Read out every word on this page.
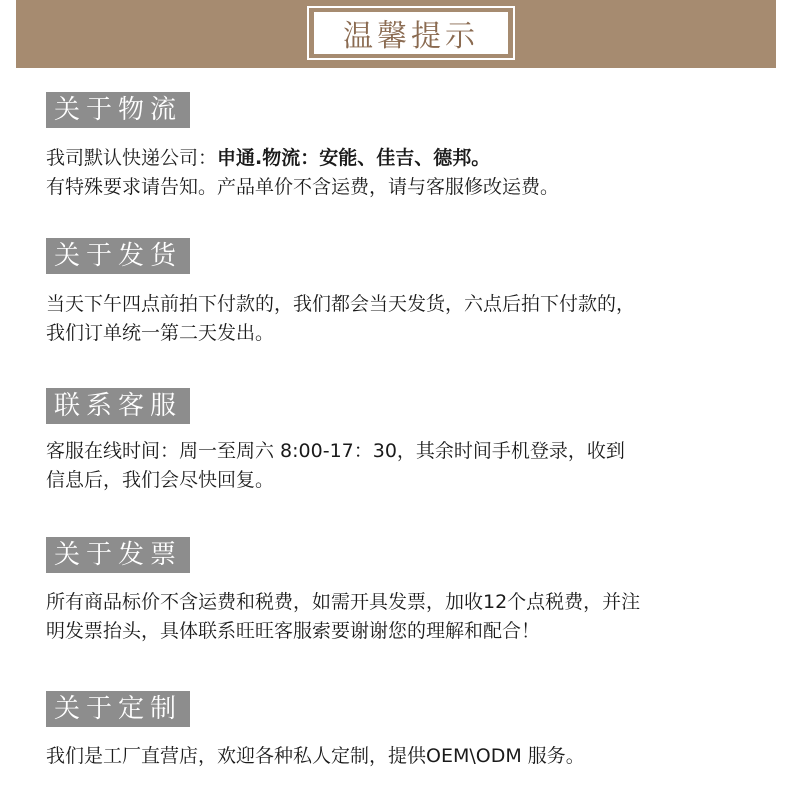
温馨提示
关于物流

我司默认快递公司：申通.物流：安能、佳吉、德邦。

有特殊要求请告知。产品单价不含运费，请与客服修改运费。

关于发货

当天下午四点前拍下付款的，我们都会当天发货，六点后拍下付款的，

我们订单统一第二天发出。

联系客服

客服在线时间：周一至周六 8:00-17：30，其余时间手机登录，收到

信息后，我们会尽快回复。

关于发票

所有商品标价不含运费和税费，如需开具发票，加收12个点税费，并注

明发票抬头，具体联系旺旺客服索要谢谢您的理解和配合！

关于定制

我们是工厂直营店，欢迎各种私人定制，提供OEM\ODM 服务。
